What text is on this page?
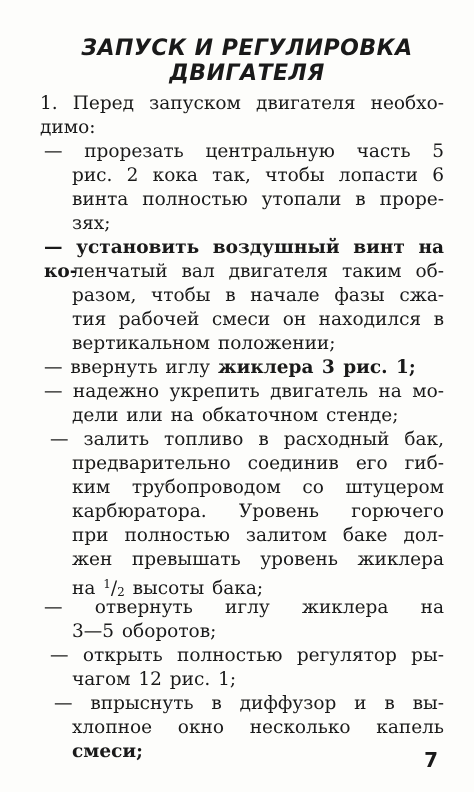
ЗАПУСК И РЕГУЛИРОВКА
ДВИГАТЕЛЯ
1. Перед запуском двигателя необхо-
димо:
— прорезать центральную часть 5
рис. 2 кока так, чтобы лопасти 6
винта полностью утопали в проре-
зях;
— установить воздушный винт на ко-
ленчатый вал двигателя таким об-
разом, чтобы в начале фазы сжа-
тия рабочей смеси он находился в
вертикальном положении;
— ввернуть иглу жиклера 3 рис. 1;
— надежно укрепить двигатель на мо-
дели или на обкаточном стенде;
— залить топливо в расходный бак,
предварительно соединив его гиб-
ким трубопроводом со штуцером
карбюратора. Уровень горючего
при полностью залитом баке дол-
жен превышать уровень жиклера
на $^1/_2$ высоты бака;
— отвернуть иглу жиклера на
3—5 оборотов;
— открыть полностью регулятор ры-
чагом 12 рис. 1;
— впрыснуть в диффузор и в вы-
хлопное окно несколько капель
смеси;	7
